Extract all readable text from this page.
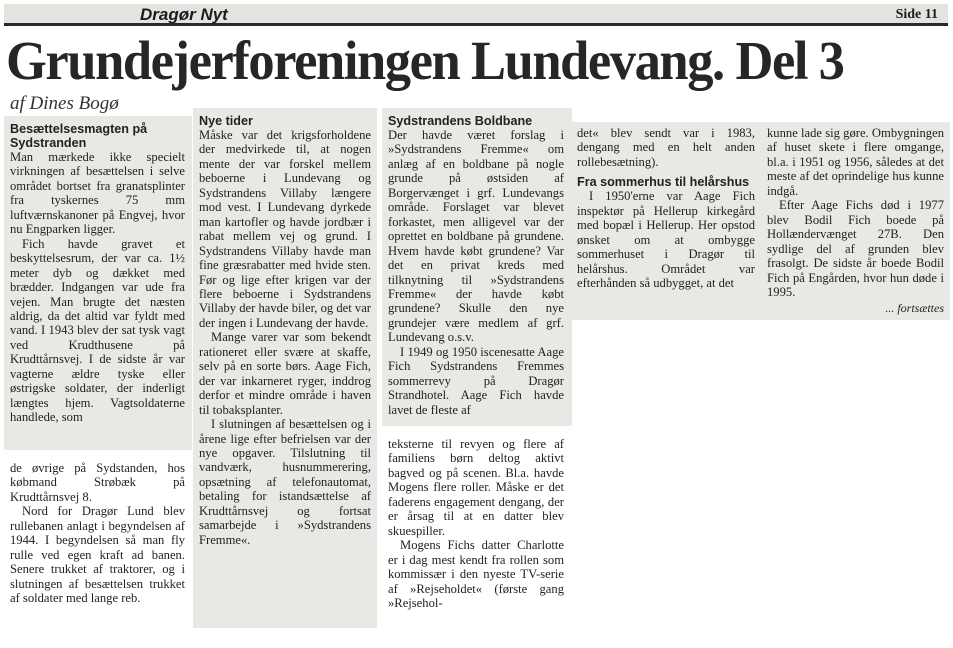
Dragør Nyt	Side 11
Grundejerforeningen Lundevang. Del 3
af Dines Bogø
Besættelsesmagten på Sydstranden

Man mærkede ikke specielt virkningen af besættelsen i selve området bortset fra granatsplinter fra tyskernes 75 mm luftværnskanoner på Engvej, hvor nu Engparken ligger.

Fich havde gravet et beskyttelsesrum, der var ca. 1½ meter dyb og dækket med brædder. Indgangen var ude fra vejen. Man brugte det næsten aldrig, da det altid var fyldt med vand. I 1943 blev der sat tysk vagt ved Krudthusene på Krudttårnsvej. I de sidste år var vagterne ældre tyske eller østrigske soldater, der inderligt længtes hjem. Vagtsoldaterne handlede, som

de øvrige på Sydstanden, hos købmand Strøbæk på Krudttårnsvej 8.

Nord for Dragør Lund blev rullebanen anlagt i begyndelsen af 1944. I begyndelsen så man fly rulle ved egen kraft ad banen. Senere trukket af traktorer, og i slutningen af besættelsen trukket af soldater med lange reb.

Nye tider

Måske var det krigsforholdene der medvirkede til, at nogen mente der var forskel mellem beboerne i Lundevang og Sydstrandens Villaby længere mod vest. I Lundevang dyrkede man kartofler og havde jordbær i rabat mellem vej og grund. I Sydstrandens Villaby havde man fine græsrabatter med hvide sten. Før og lige efter krigen var der flere beboerne i Sydstrandens Villaby der havde biler, og det var der ingen i Lundevang der havde.

Mange varer var som bekendt rationeret eller svære at skaffe, selv på en sorte børs. Aage Fich, der var inkarneret ryger, inddrog derfor et mindre område i haven til tobaksplanter.

I slutningen af besættelsen og i årene lige efter befrielsen var der nye opgaver. Tilslutning til vandværk, husnummerering, opsætning af telefonautomat, betaling for istandsættelse af Krudttårnsvej og fortsat samarbejde i »Sydstrandens Fremme«.

Sydstrandens Boldbane

Der havde været forslag i »Sydstrandens Fremme« om anlæg af en boldbane på nogle grunde på østsiden af Borgervænget i grf. Lundevangs område. Forslaget var blevet forkastet, men alligevel var der oprettet en boldbane på grundene. Hvem havde købt grundene? Var det en privat kreds med tilknytning til »Sydstrandens Fremme« der havde købt grundene? Skulle den nye grundejer være medlem af grf. Lundevang o.s.v.

I 1949 og 1950 iscenesatte Aage Fich Sydstrandens Fremmes sommerrevy på Dragør Strandhotel. Aage Fich havde lavet de fleste af

teksterne til revyen og flere af familiens børn deltog aktivt bagved og på scenen. Bl.a. havde Mogens flere roller. Måske er det faderens engagement dengang, der er årsag til at en datter blev skuespiller.

Mogens Fichs datter Charlotte er i dag mest kendt fra rollen som kommissær i den nyeste TV-serie af »Rejseholdet« (første gang »Rejsehol-

det« blev sendt var i 1983, dengang med en helt anden rollebesætning).

Fra sommerhus til helårshus

I 1950'erne var Aage Fich inspektør på Hellerup kirkegård med bopæl i Hellerup. Her opstod ønsket om at ombygge sommerhuset i Dragør til helårshus. Området var efterhånden så udbygget, at det

kunne lade sig gøre. Ombygningen af huset skete i flere omgange, bl.a. i 1951 og 1956, således at det meste af det oprindelige hus kunne indgå.

Efter Aage Fichs død i 1977 blev Bodil Fich boede på Hollændervænget 27B. Den sydlige del af grunden blev frasolgt. De sidste år boede Bodil Fich på Engården, hvor hun døde i 1995.

... fortsættes
